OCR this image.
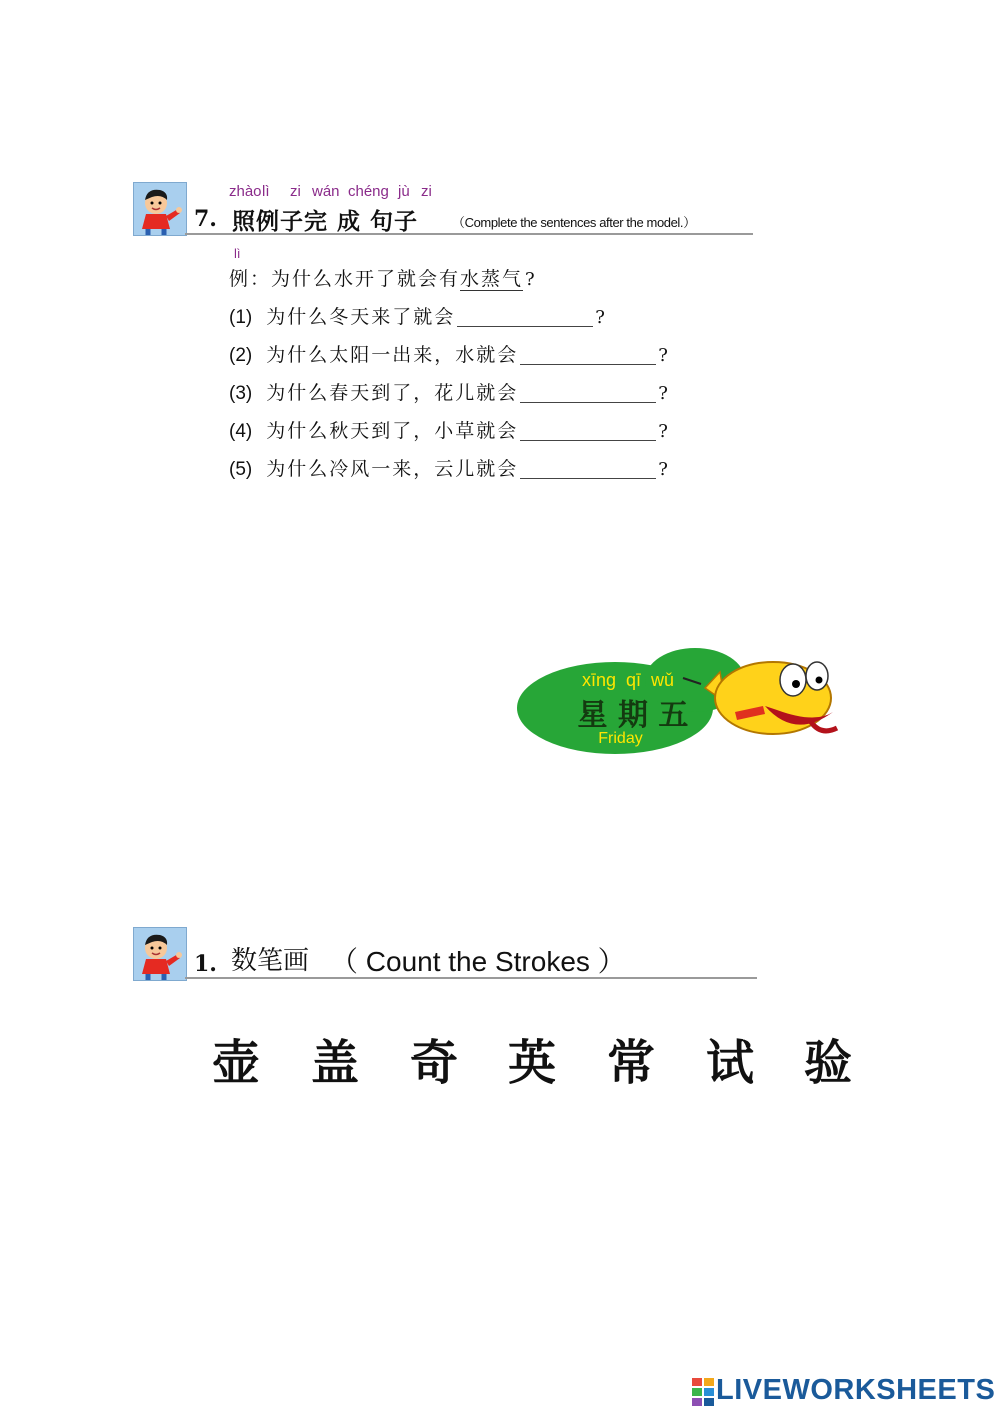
zhào lì zi wán chéng jù zi
7. 照例子完 成 句子	（Complete the sentences after the model.）
lì
例：为什么水开了就会有水蒸气 ?
(1) 为什么冬天来了就会	?
(2) 为什么太阳一出来，水就会	?
(3) 为什么春天到了，花儿就会	?
(4) 为什么秋天到了，小草就会	?
(5) 为什么冷风一来，云儿就会	?
xīng  qī  wǔ
星 期 五
Friday
1. 数笔画 （ Count the Strokes ）
壶 盖 奇 英 常 试 验
LIVEWORKSHEETS
